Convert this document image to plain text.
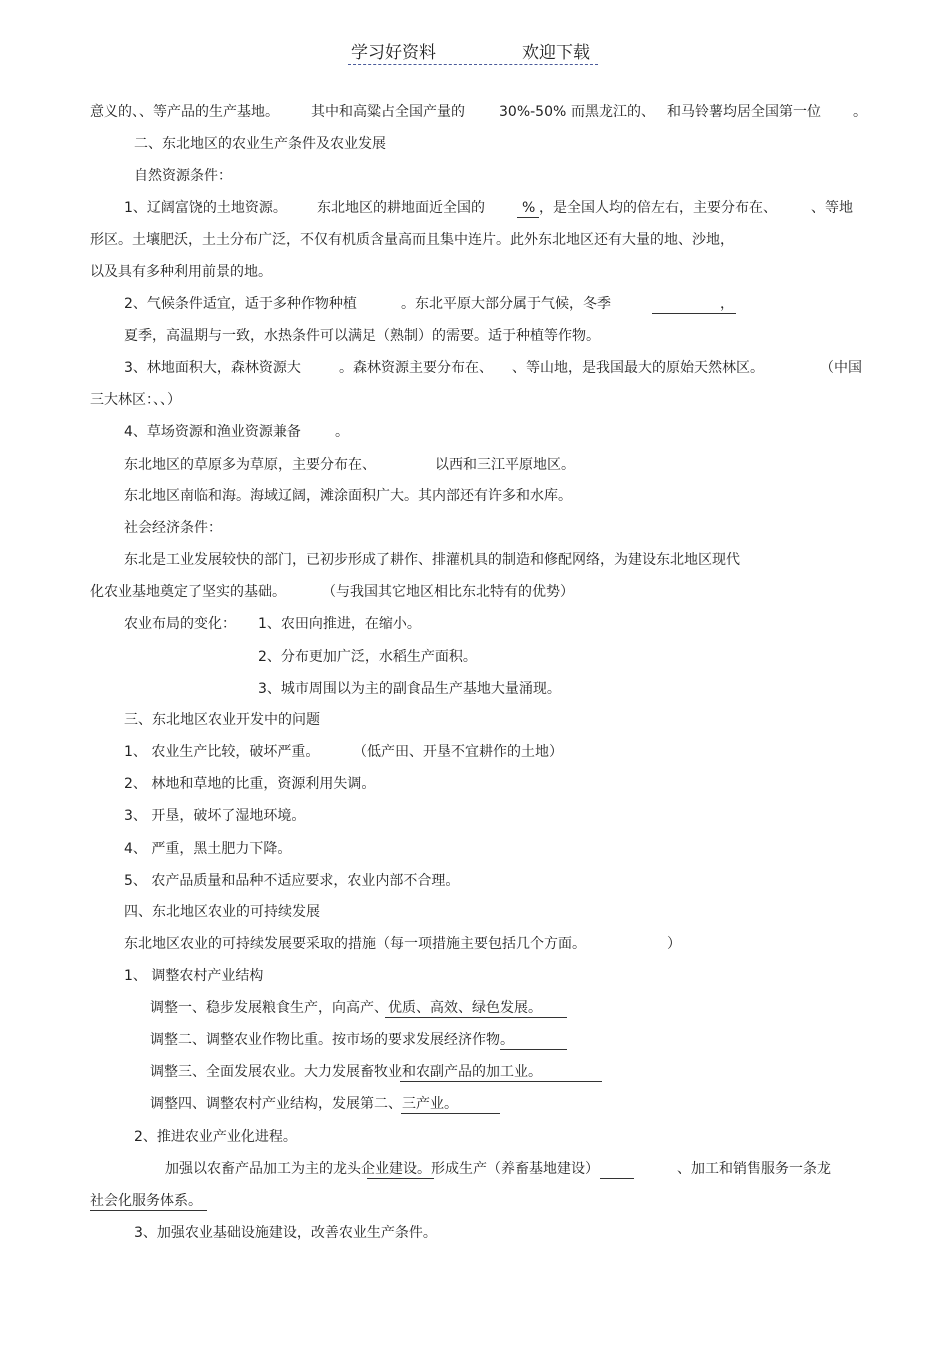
学习好资料	欢迎下载
意义的、、等产品的生产基地。 其中和高粱占全国产量的 30%-50% 而黑龙江的、 和马铃薯均居全国第一位 。
二、东北地区的农业生产条件及农业发展
自然资源条件：
1、辽阔富饶的土地资源。 东北地区的耕地面近全国的	% ，是全国人均的倍左右，主要分布在、 、等地
形区。土壤肥沃，土土分布广泛，不仅有机质含量高而且集中连片。此外东北地区还有大量的地、沙地，
以及具有多种利用前景的地。
2、气候条件适宜，适于多种作物种植	。东北平原大部分属于气候，冬季	，
夏季，高温期与一致，水热条件可以满足（熟制）的需要。适于种植等作物。
3、林地面积大，森林资源大	。森林资源主要分布在、 、等山地，是我国最大的原始天然林区。	（中国
三大林区：、、）
4、草场资源和渔业资源兼备 。
东北地区的草原多为草原，主要分布在、	以西和三江平原地区。
东北地区南临和海。海域辽阔，滩涂面积广大。其内部还有许多和水库。
社会经济条件：
东北是工业发展较快的部门，已初步形成了耕作、排灌机具的制造和修配网络，为建设东北地区现代
化农业基地奠定了坚实的基础。	（与我国其它地区相比东北特有的优势）
农业布局的变化： 1、农田向推进，在缩小。
2、分布更加广泛，水稻生产面积。
3、城市周围以为主的副食品生产基地大量涌现。
三、东北地区农业开发中的问题
1、 农业生产比较，破坏严重。 （低产田、开垦不宜耕作的土地）
2、 林地和草地的比重，资源利用失调。
3、 开垦，破坏了湿地环境。
4、 严重，黑土肥力下降。
5、 农产品质量和品种不适应要求，农业内部不合理。
四、东北地区农业的可持续发展
东北地区农业的可持续发展要采取的措施（每一项措施主要包括几个方面。	）
1、 调整农村产业结构
调整一、稳步发展粮食生产，向高产、优质、高效、绿色发展。
调整二、调整农业作物比重。按市场的要求发展经济作物。
调整三、全面发展农业。大力发展畜牧业和农副产品的加工业。
调整四、调整农村产业结构，发展第二、三产业。
2、推进农业产业化进程。
加强以农畜产品加工为主的龙头企业建设。形成生产（养畜基地建设）	、加工和销售服务一条龙
社会化服务体系。
3、加强农业基础设施建设，改善农业生产条件。
